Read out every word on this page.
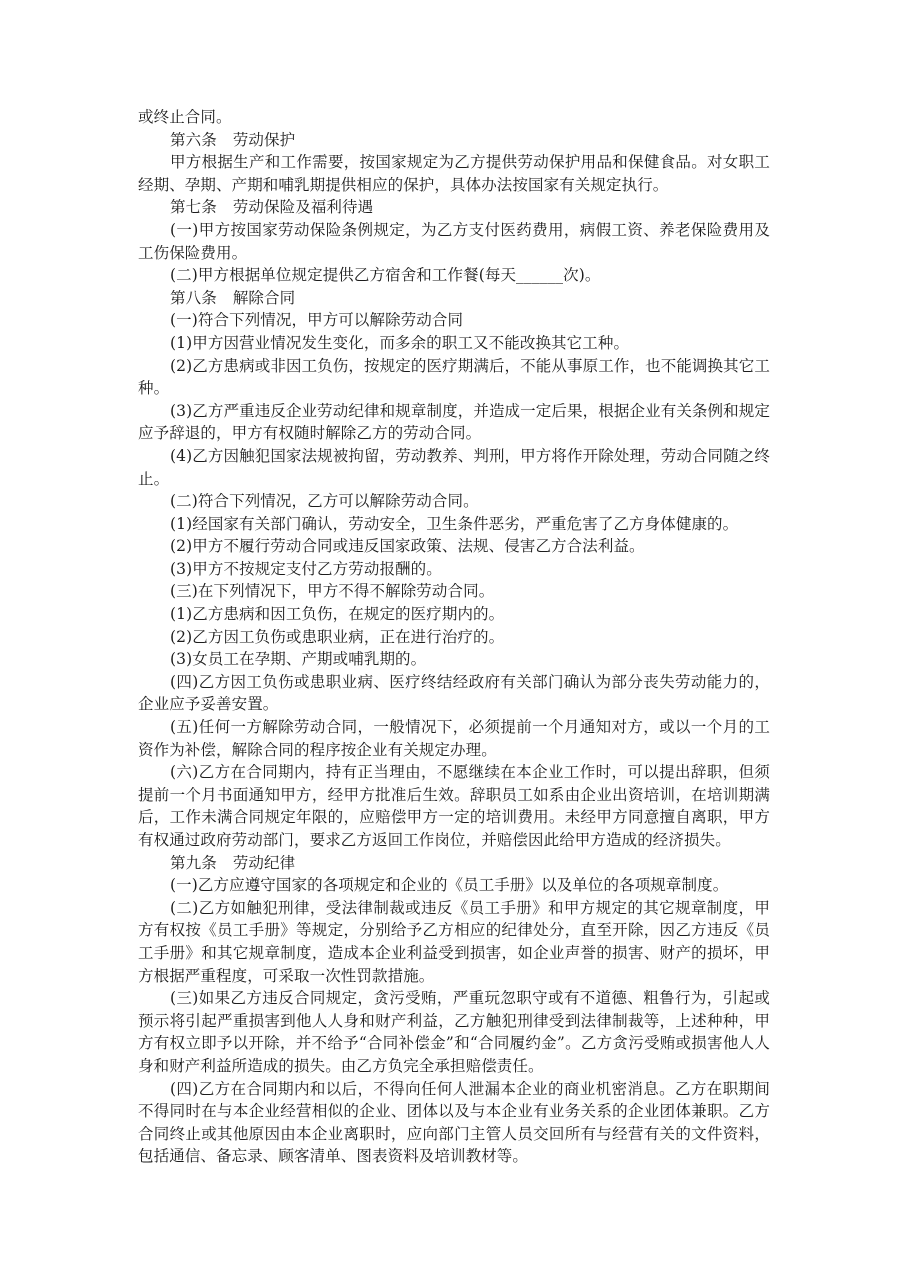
或终止合同。

第六条 劳动保护

甲方根据生产和工作需要，按国家规定为乙方提供劳动保护用品和保健食品。对女职工经期、孕期、产期和哺乳期提供相应的保护，具体办法按国家有关规定执行。

第七条 劳动保险及福利待遇

(一)甲方按国家劳动保险条例规定，为乙方支付医药费用，病假工资、养老保险费用及工伤保险费用。

(二)甲方根据单位规定提供乙方宿舍和工作餐(每天______次)。

第八条 解除合同

(一)符合下列情况，甲方可以解除劳动合同

(1)甲方因营业情况发生变化，而多余的职工又不能改换其它工种。

(2)乙方患病或非因工负伤，按规定的医疗期满后，不能从事原工作，也不能调换其它工种。

(3)乙方严重违反企业劳动纪律和规章制度，并造成一定后果，根据企业有关条例和规定应予辞退的，甲方有权随时解除乙方的劳动合同。

(4)乙方因触犯国家法规被拘留，劳动教养、判刑，甲方将作开除处理，劳动合同随之终止。

(二)符合下列情况，乙方可以解除劳动合同。

(1)经国家有关部门确认，劳动安全，卫生条件恶劣，严重危害了乙方身体健康的。

(2)甲方不履行劳动合同或违反国家政策、法规、侵害乙方合法利益。

(3)甲方不按规定支付乙方劳动报酬的。

(三)在下列情况下，甲方不得不解除劳动合同。

(1)乙方患病和因工负伤，在规定的医疗期内的。

(2)乙方因工负伤或患职业病，正在进行治疗的。

(3)女员工在孕期、产期或哺乳期的。

(四)乙方因工负伤或患职业病、医疗终结经政府有关部门确认为部分丧失劳动能力的，企业应予妥善安置。

(五)任何一方解除劳动合同，一般情况下，必须提前一个月通知对方，或以一个月的工资作为补偿，解除合同的程序按企业有关规定办理。

(六)乙方在合同期内，持有正当理由，不愿继续在本企业工作时，可以提出辞职，但须提前一个月书面通知甲方，经甲方批准后生效。辞职员工如系由企业出资培训，在培训期满后，工作未满合同规定年限的，应赔偿甲方一定的培训费用。未经甲方同意擅自离职，甲方有权通过政府劳动部门，要求乙方返回工作岗位，并赔偿因此给甲方造成的经济损失。

第九条 劳动纪律

(一)乙方应遵守国家的各项规定和企业的《员工手册》以及单位的各项规章制度。

(二)乙方如触犯刑律，受法律制裁或违反《员工手册》和甲方规定的其它规章制度，甲方有权按《员工手册》等规定，分别给予乙方相应的纪律处分，直至开除，因乙方违反《员工手册》和其它规章制度，造成本企业利益受到损害，如企业声誉的损害、财产的损坏，甲方根据严重程度，可采取一次性罚款措施。

(三)如果乙方违反合同规定，贪污受贿，严重玩忽职守或有不道德、粗鲁行为，引起或预示将引起严重损害到他人人身和财产利益，乙方触犯刑律受到法律制裁等，上述种种，甲方有权立即予以开除，并不给予“合同补偿金”和“合同履约金”。乙方贪污受贿或损害他人人身和财产利益所造成的损失。由乙方负完全承担赔偿责任。

(四)乙方在合同期内和以后，不得向任何人泄漏本企业的商业机密消息。乙方在职期间不得同时在与本企业经营相似的企业、团体以及与本企业有业务关系的企业团体兼职。乙方合同终止或其他原因由本企业离职时，应向部门主管人员交回所有与经营有关的文件资料，包括通信、备忘录、顾客清单、图表资料及培训教材等。
